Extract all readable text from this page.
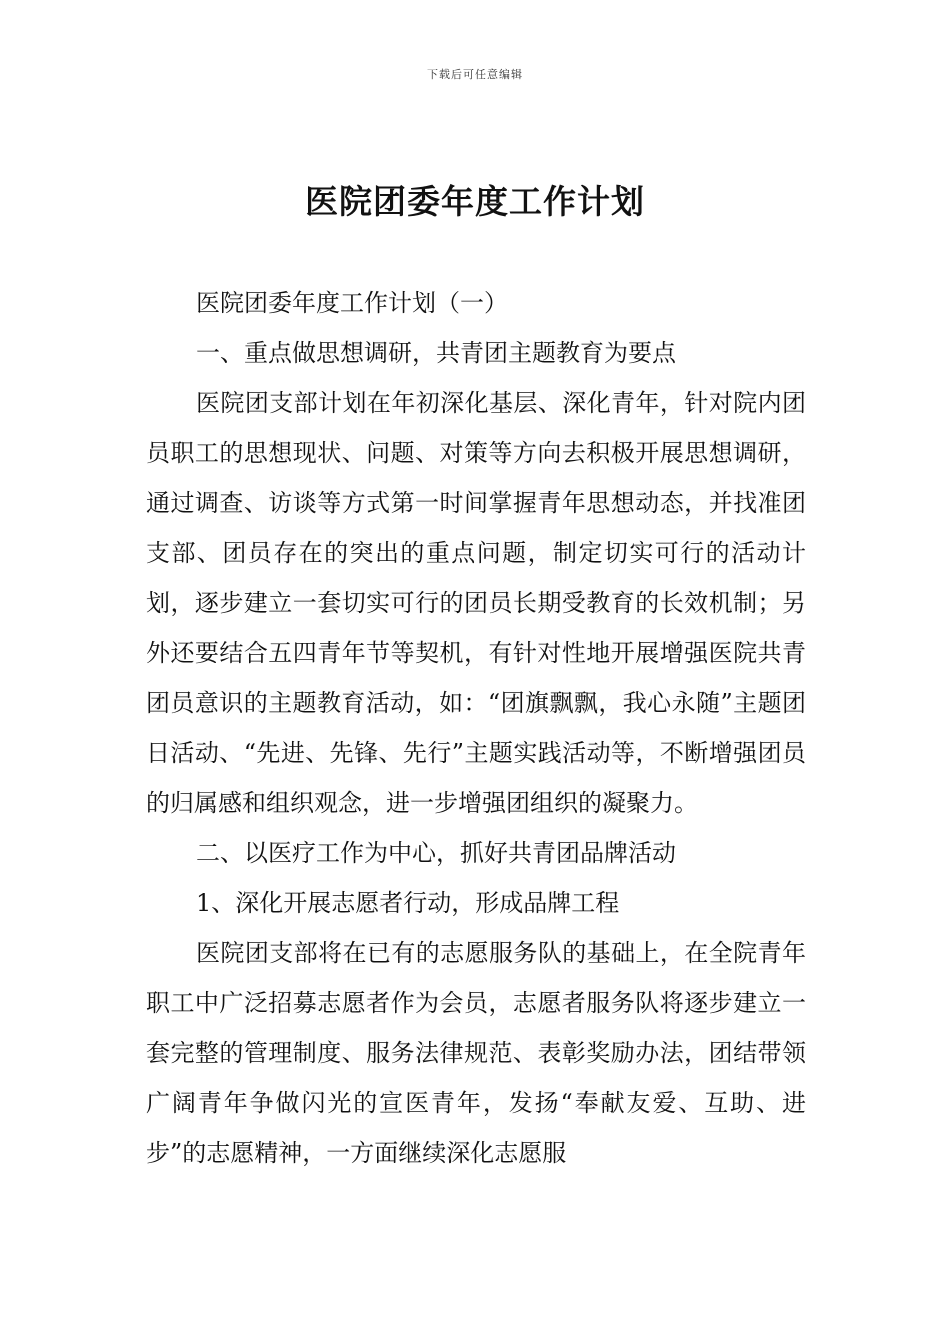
下载后可任意编辑
医院团委年度工作计划

医院团委年度工作计划（一）

一、重点做思想调研，共青团主题教育为要点

医院团支部计划在年初深化基层、深化青年，针对院内团员职工的思想现状、问题、对策等方向去积极开展思想调研，通过调查、访谈等方式第一时间掌握青年思想动态，并找准团支部、团员存在的突出的重点问题，制定切实可行的活动计划，逐步建立一套切实可行的团员长期受教育的长效机制；另外还要结合五四青年节等契机，有针对性地开展增强医院共青团员意识的主题教育活动，如：“团旗飘飘，我心永随”主题团日活动、“先进、先锋、先行”主题实践活动等，不断增强团员的归属感和组织观念，进一步增强团组织的凝聚力。

二、以医疗工作为中心，抓好共青团品牌活动

1、深化开展志愿者行动，形成品牌工程

医院团支部将在已有的志愿服务队的基础上，在全院青年职工中广泛招募志愿者作为会员，志愿者服务队将逐步建立一套完整的管理制度、服务法律规范、表彰奖励办法，团结带领广阔青年争做闪光的宣医青年，发扬“奉献友爱、互助、进步”的志愿精神，一方面继续深化志愿服
